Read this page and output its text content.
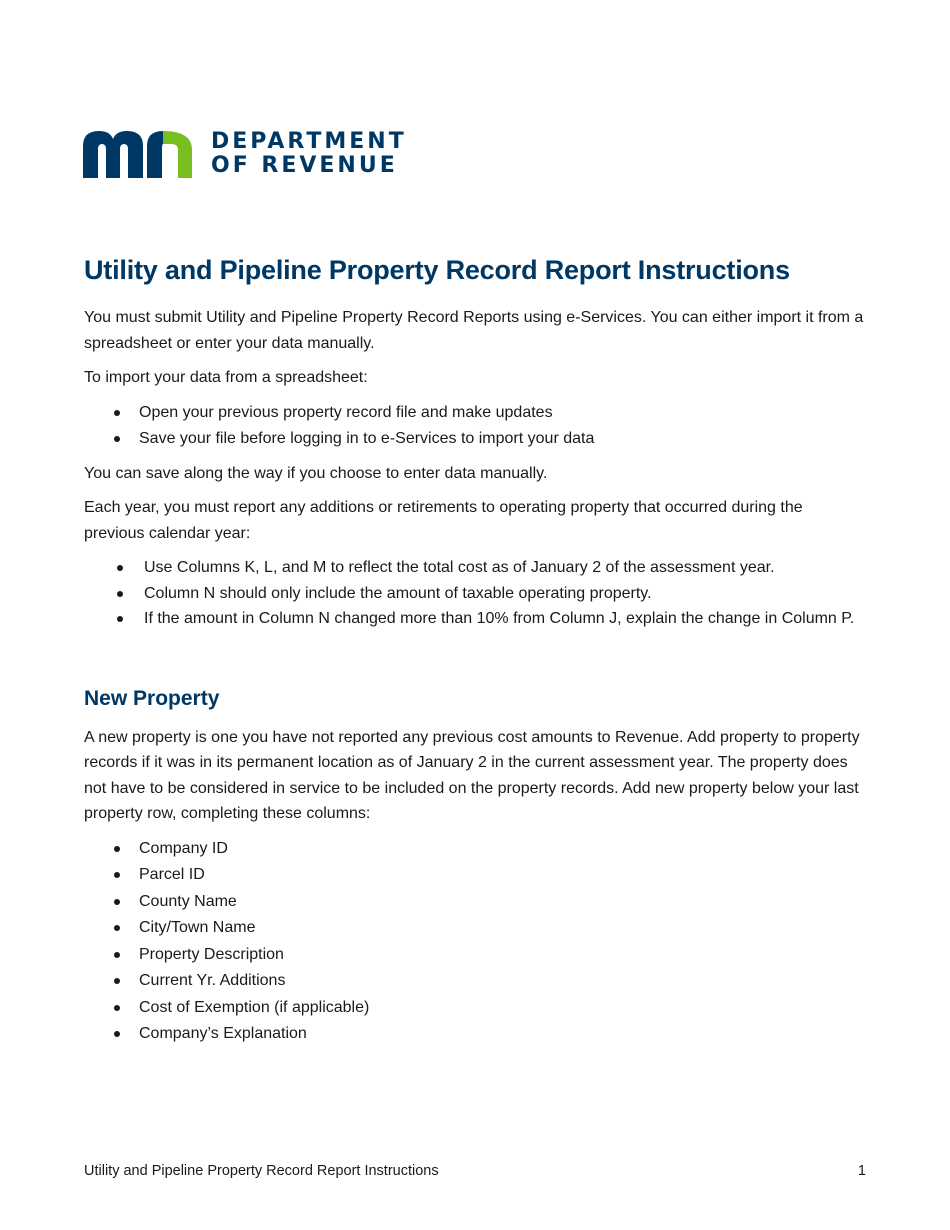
DEPARTMENT
OF REVENUE
Utility and Pipeline Property Record Report Instructions

You must submit Utility and Pipeline Property Record Reports using e-Services. You can either import it from a spreadsheet or enter your data manually.

To import your data from a spreadsheet:

Open your previous property record file and make updates
Save your file before logging in to e-Services to import your data

You can save along the way if you choose to enter data manually.

Each year, you must report any additions or retirements to operating property that occurred during the previous calendar year:

Use Columns K, L, and M to reflect the total cost as of January 2 of the assessment year.
Column N should only include the amount of taxable operating property.
If the amount in Column N changed more than 10% from Column J, explain the change in Column P.
New Property

A new property is one you have not reported any previous cost amounts to Revenue. Add property to property records if it was in its permanent location as of January 2 in the current assessment year. The property does not have to be considered in service to be included on the property records. Add new property below your last property row, completing these columns:

Company ID
Parcel ID
County Name
City/Town Name
Property Description
Current Yr. Additions
Cost of Exemption (if applicable)
Company’s Explanation
Utility and Pipeline Property Record Report Instructions	1
